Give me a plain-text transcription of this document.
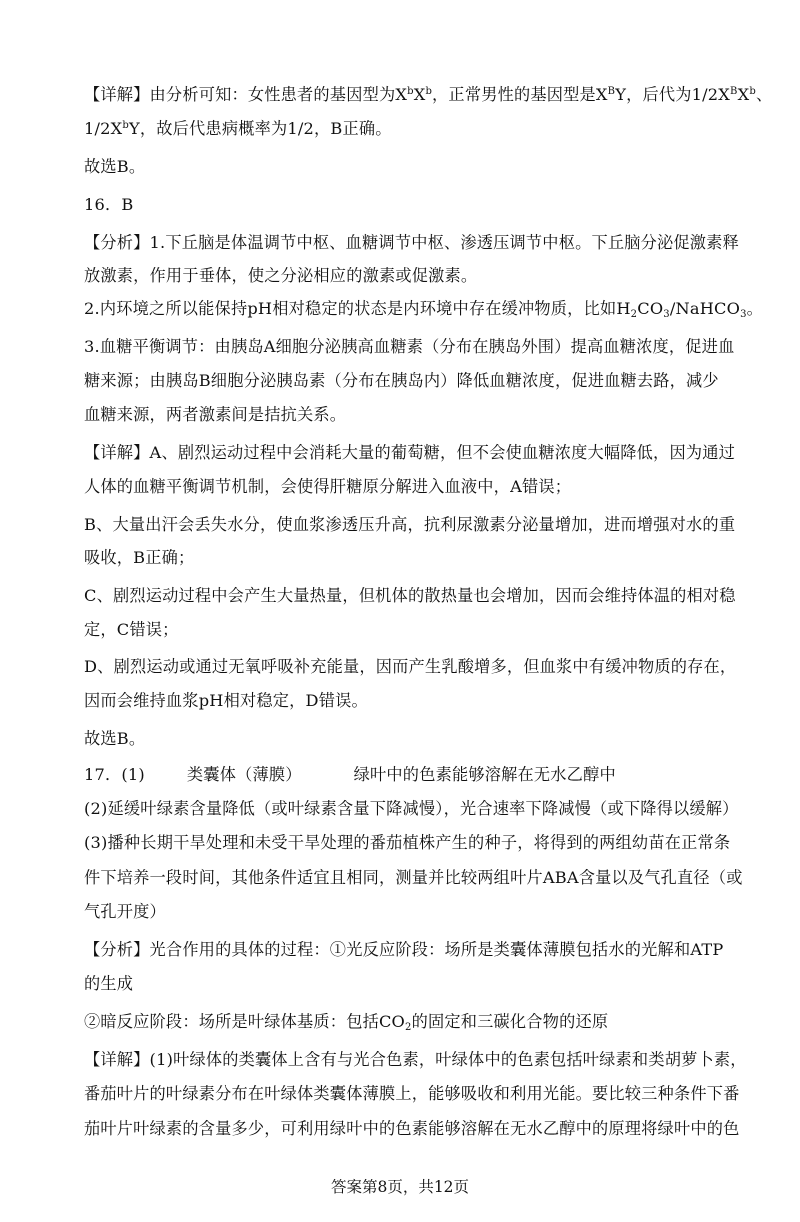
【详解】由分析可知：女性患者的基因型为$X^bX^b$，正常男性的基因型是$X^BY$，后代为$1/2X^BX^b$、
$1/2X^bY$，故后代患病概率为1/2，B正确。
故选B。
16．B
【分析】1.下丘脑是体温调节中枢、血糖调节中枢、渗透压调节中枢。下丘脑分泌促激素释
放激素，作用于垂体，使之分泌相应的激素或促激素。
2.内环境之所以能保持pH相对稳定的状态是内环境中存在缓冲物质，比如$H_2CO_3/NaHCO_3$。
3.血糖平衡调节：由胰岛A细胞分泌胰高血糖素（分布在胰岛外围）提高血糖浓度，促进血
糖来源；由胰岛B细胞分泌胰岛素（分布在胰岛内）降低血糖浓度，促进血糖去路，减少
血糖来源，两者激素间是拮抗关系。
【详解】A、剧烈运动过程中会消耗大量的葡萄糖，但不会使血糖浓度大幅降低，因为通过
人体的血糖平衡调节机制，会使得肝糖原分解进入血液中，A错误；
B、大量出汗会丢失水分，使血浆渗透压升高，抗利尿激素分泌量增加，进而增强对水的重
吸收，B正确；
C、剧烈运动过程中会产生大量热量，但机体的散热量也会增加，因而会维持体温的相对稳
定，C错误；
D、剧烈运动或通过无氧呼吸补充能量，因而产生乳酸增多，但血浆中有缓冲物质的存在，
因而会维持血浆pH相对稳定，D错误。
故选B。
17．(1)	类囊体（薄膜）	绿叶中的色素能够溶解在无水乙醇中
(2)延缓叶绿素含量降低（或叶绿素含量下降减慢），光合速率下降减慢（或下降得以缓解）
(3)播种长期干旱处理和未受干旱处理的番茄植株产生的种子，将得到的两组幼苗在正常条
件下培养一段时间，其他条件适宜且相同，测量并比较两组叶片ABA含量以及气孔直径（或
气孔开度）
【分析】光合作用的具体的过程：①光反应阶段：场所是类囊体薄膜包括水的光解和ATP
的生成
②暗反应阶段：场所是叶绿体基质：包括$CO_2$的固定和三碳化合物的还原
【详解】(1)叶绿体的类囊体上含有与光合色素，叶绿体中的色素包括叶绿素和类胡萝卜素，
番茄叶片的叶绿素分布在叶绿体类囊体薄膜上，能够吸收和利用光能。要比较三种条件下番
茄叶片叶绿素的含量多少，可利用绿叶中的色素能够溶解在无水乙醇中的原理将绿叶中的色
答案第8页，共12页
